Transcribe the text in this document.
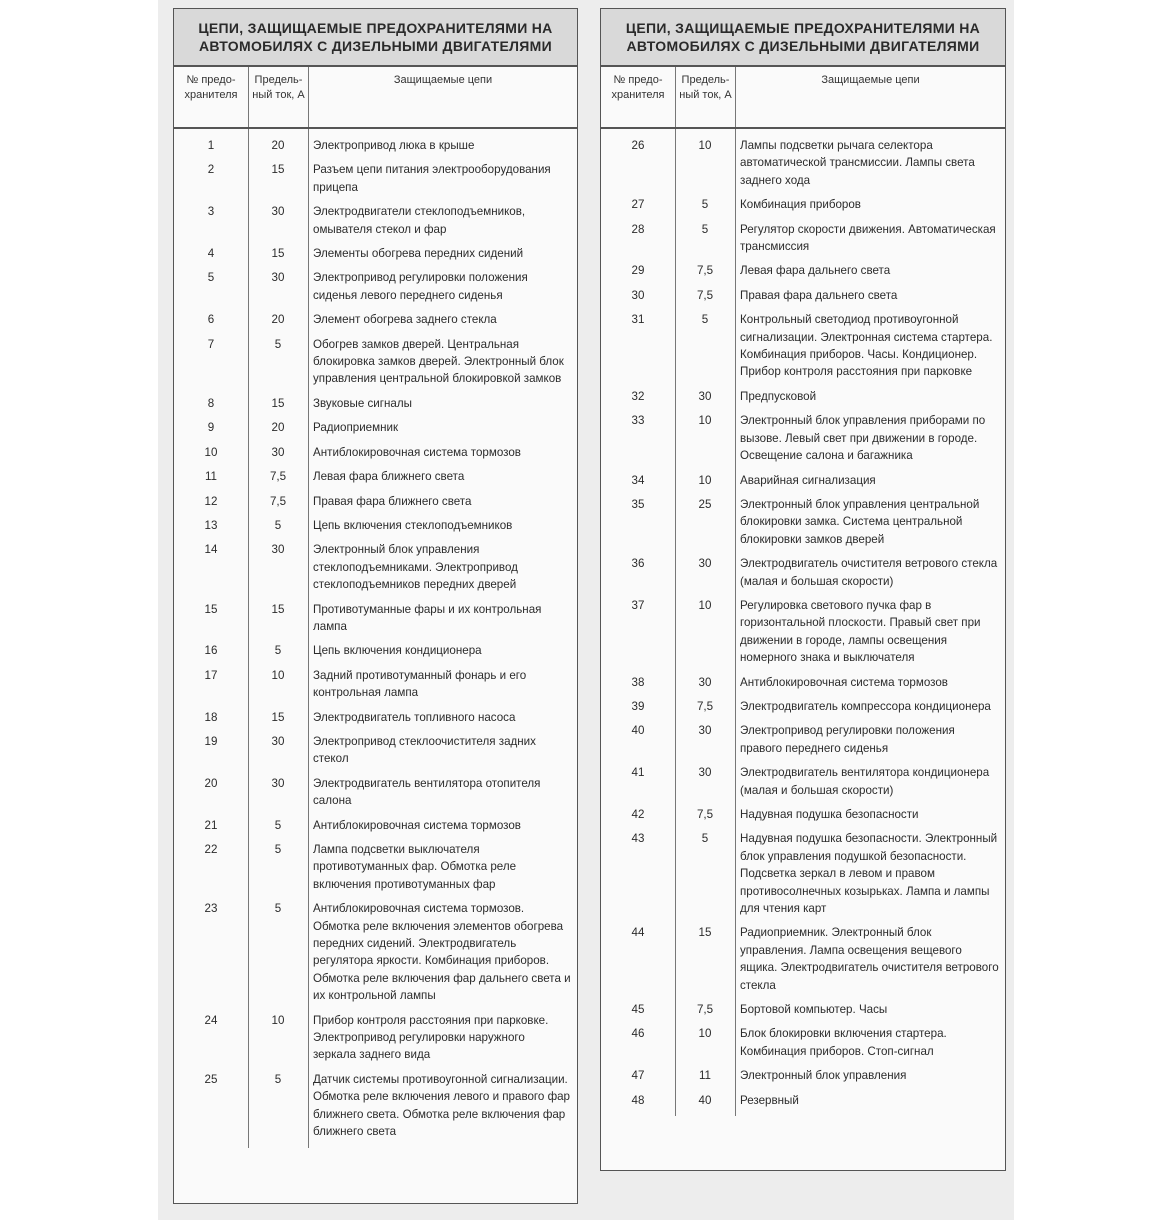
ЦЕПИ, ЗАЩИЩАЕМЫЕ ПРЕДОХРАНИТЕЛЯМИ НА
АВТОМОБИЛЯХ С ДИЗЕЛЬНЫМИ ДВИГАТЕЛЯМИ
№ предо- хранителя
Предель- ный ток, А
Защищаемые цепи
1	20	Электропривод люка в крыше
2	15	Разъем цепи питания электрооборудования прицепа
3	30	Электродвигатели стеклоподъемников, омывателя стекол и фар
4	15	Элементы обогрева передних сидений
5	30	Электропривод регулировки положения сиденья левого переднего сиденья
6	20	Элемент обогрева заднего стекла
7	5	Обогрев замков дверей. Центральная блокировка замков дверей. Электронный блок управления центральной блокировкой замков
8	15	Звуковые сигналы
9	20	Радиоприемник
10	30	Антиблокировочная система тормозов
11	7,5	Левая фара ближнего света
12	7,5	Правая фара ближнего света
13	5	Цепь включения стеклоподъемников
14	30	Электронный блок управления стеклоподъемниками. Электропривод стеклоподъемников передних дверей
15	15	Противотуманные фары и их контрольная лампа
16	5	Цепь включения кондиционера
17	10	Задний противотуманный фонарь и его контрольная лампа
18	15	Электродвигатель топливного насоса
19	30	Электропривод стеклоочистителя задних стекол
20	30	Электродвигатель вентилятора отопителя салона
21	5	Антиблокировочная система тормозов
22	5	Лампа подсветки выключателя противотуманных фар. Обмотка реле включения противотуманных фар
23	5	Антиблокировочная система тормозов. Обмотка реле включения элементов обогрева передних сидений. Электродвигатель регулятора яркости. Комбинация приборов. Обмотка реле включения фар дальнего света и их контрольной лампы
24	10	Прибор контроля расстояния при парковке. Электропривод регулировки наружного зеркала заднего вида
25	5	Датчик системы противоугонной сигнализации. Обмотка реле включения левого и правого фар ближнего света. Обмотка реле включения фар ближнего света
ЦЕПИ, ЗАЩИЩАЕМЫЕ ПРЕДОХРАНИТЕЛЯМИ НА
АВТОМОБИЛЯХ С ДИЗЕЛЬНЫМИ ДВИГАТЕЛЯМИ
№ предо- хранителя
Предель- ный ток, А
Защищаемые цепи
26	10	Лампы подсветки рычага селектора автоматической трансмиссии. Лампы света заднего хода
27	5	Комбинация приборов
28	5	Регулятор скорости движения. Автоматическая трансмиссия
29	7,5	Левая фара дальнего света
30	7,5	Правая фара дальнего света
31	5	Контрольный светодиод противоугонной сигнализации. Электронная система стартера. Комбинация приборов. Часы. Кондиционер. Прибор контроля расстояния при парковке
32	30	Предпусковой
33	10	Электронный блок управления приборами по вызове. Левый свет при движении в городе. Освещение салона и багажника
34	10	Аварийная сигнализация
35	25	Электронный блок управления центральной блокировки замка. Система центральной блокировки замков дверей
36	30	Электродвигатель очистителя ветрового стекла (малая и большая скорости)
37	10	Регулировка светового пучка фар в горизонтальной плоскости. Правый свет при движении в городе, лампы освещения номерного знака и выключателя
38	30	Антиблокировочная система тормозов
39	7,5	Электродвигатель компрессора кондиционера
40	30	Электропривод регулировки положения правого переднего сиденья
41	30	Электродвигатель вентилятора кондиционера (малая и большая скорости)
42	7,5	Надувная подушка безопасности
43	5	Надувная подушка безопасности. Электронный блок управления подушкой безопасности. Подсветка зеркал в левом и правом противосолнечных козырьках. Лампа и лампы для чтения карт
44	15	Радиоприемник. Электронный блок управления. Лампа освещения вещевого ящика. Электродвигатель очистителя ветрового стекла
45	7,5	Бортовой компьютер. Часы
46	10	Блок блокировки включения стартера. Комбинация приборов. Стоп-сигнал
47	11	Электронный блок управления
48	40	Резервный
